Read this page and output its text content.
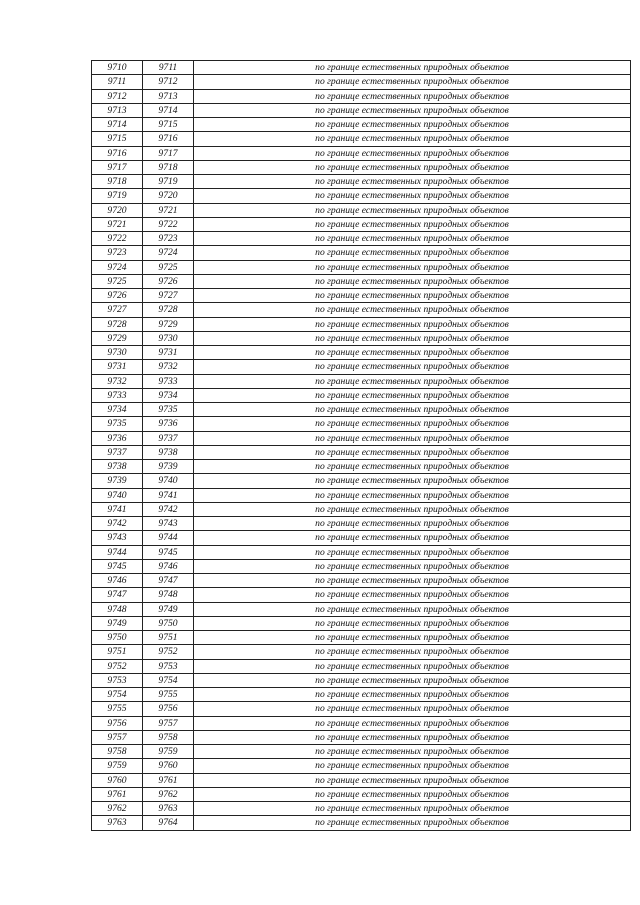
9710	9711	по границе естественных природных объектов
9711	9712	по границе естественных природных объектов
9712	9713	по границе естественных природных объектов
9713	9714	по границе естественных природных объектов
9714	9715	по границе естественных природных объектов
9715	9716	по границе естественных природных объектов
9716	9717	по границе естественных природных объектов
9717	9718	по границе естественных природных объектов
9718	9719	по границе естественных природных объектов
9719	9720	по границе естественных природных объектов
9720	9721	по границе естественных природных объектов
9721	9722	по границе естественных природных объектов
9722	9723	по границе естественных природных объектов
9723	9724	по границе естественных природных объектов
9724	9725	по границе естественных природных объектов
9725	9726	по границе естественных природных объектов
9726	9727	по границе естественных природных объектов
9727	9728	по границе естественных природных объектов
9728	9729	по границе естественных природных объектов
9729	9730	по границе естественных природных объектов
9730	9731	по границе естественных природных объектов
9731	9732	по границе естественных природных объектов
9732	9733	по границе естественных природных объектов
9733	9734	по границе естественных природных объектов
9734	9735	по границе естественных природных объектов
9735	9736	по границе естественных природных объектов
9736	9737	по границе естественных природных объектов
9737	9738	по границе естественных природных объектов
9738	9739	по границе естественных природных объектов
9739	9740	по границе естественных природных объектов
9740	9741	по границе естественных природных объектов
9741	9742	по границе естественных природных объектов
9742	9743	по границе естественных природных объектов
9743	9744	по границе естественных природных объектов
9744	9745	по границе естественных природных объектов
9745	9746	по границе естественных природных объектов
9746	9747	по границе естественных природных объектов
9747	9748	по границе естественных природных объектов
9748	9749	по границе естественных природных объектов
9749	9750	по границе естественных природных объектов
9750	9751	по границе естественных природных объектов
9751	9752	по границе естественных природных объектов
9752	9753	по границе естественных природных объектов
9753	9754	по границе естественных природных объектов
9754	9755	по границе естественных природных объектов
9755	9756	по границе естественных природных объектов
9756	9757	по границе естественных природных объектов
9757	9758	по границе естественных природных объектов
9758	9759	по границе естественных природных объектов
9759	9760	по границе естественных природных объектов
9760	9761	по границе естественных природных объектов
9761	9762	по границе естественных природных объектов
9762	9763	по границе естественных природных объектов
9763	9764	по границе естественных природных объектов
